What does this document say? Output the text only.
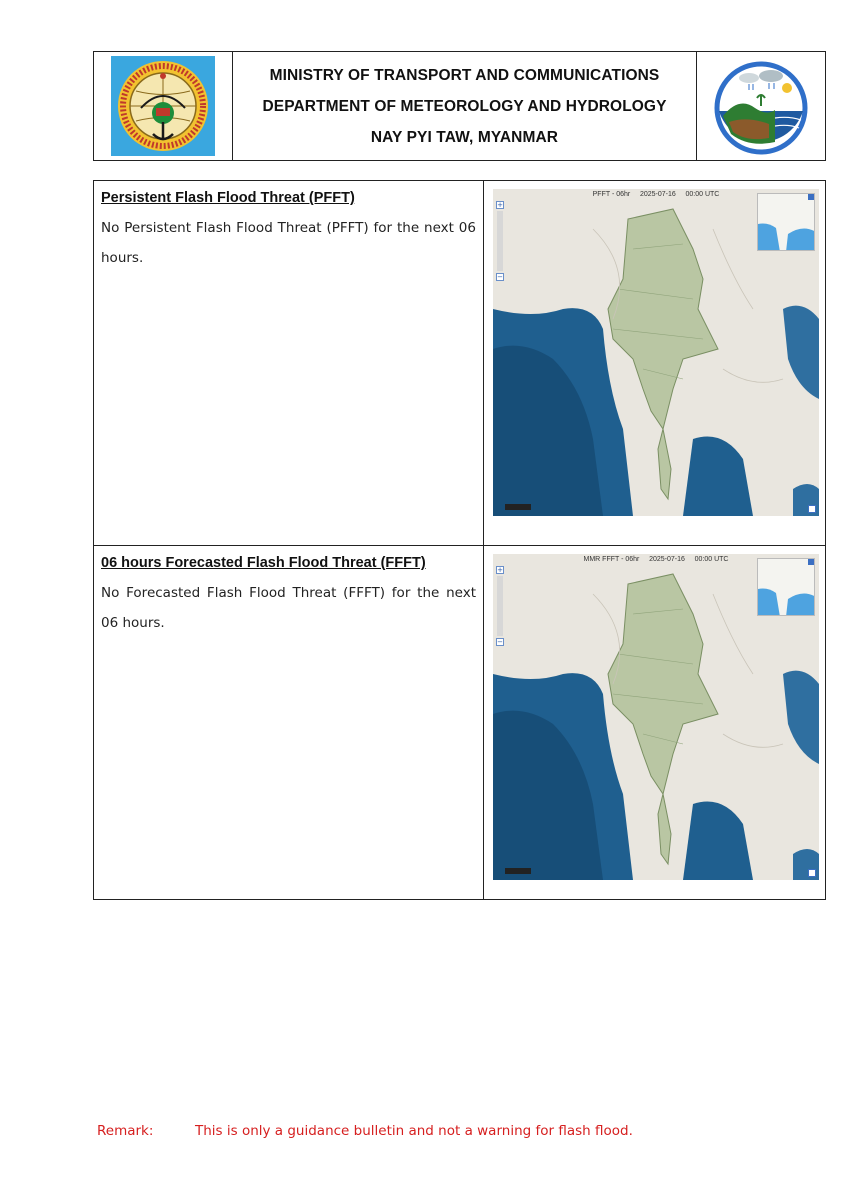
MINISTRY OF TRANSPORT AND COMMUNICATIONS
DEPARTMENT OF METEOROLOGY AND HYDROLOGY
NAY PYI TAW, MYANMAR
Persistent Flash Flood Threat (PFFT)

No Persistent Flash Flood Threat (PFFT) for the next 06 hours.

PFFT - 06hr     2025-07-16     00:00 UTC
+
−
06 hours Forecasted Flash Flood Threat (FFFT)

No Forecasted Flash Flood Threat (FFFT) for the next 06 hours.

MMR FFFT - 06hr     2025-07-16     00:00 UTC
+
−
Remark:	This is only a guidance bulletin and not a warning for flash flood.
